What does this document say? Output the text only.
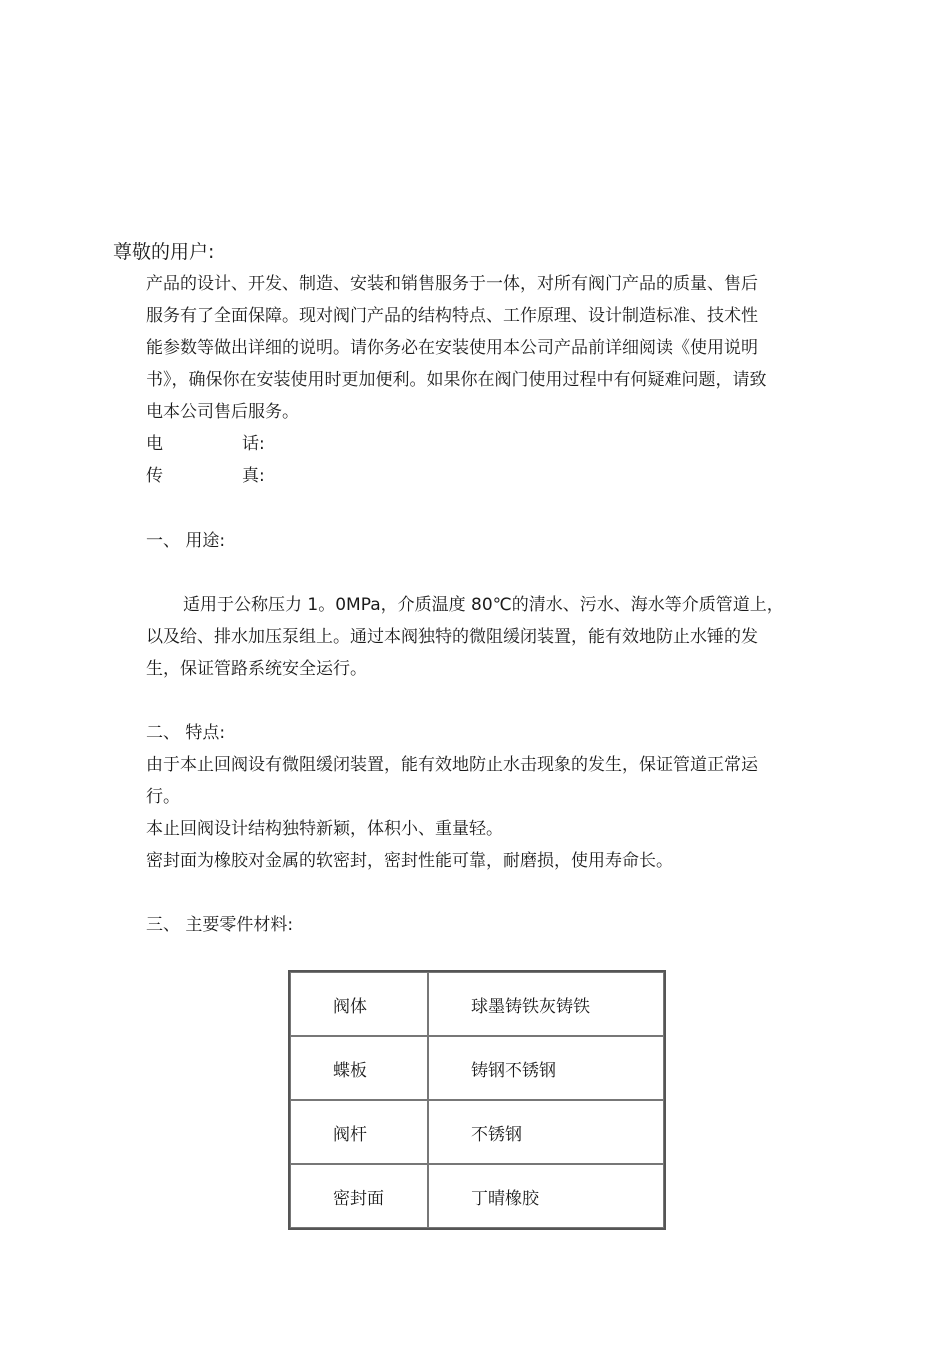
尊敬的用户:
产品的设计、开发、制造、安装和销售服务于一体，对所有阀门产品的质量、售后
服务有了全面保障。现对阀门产品的结构特点、工作原理、设计制造标准、技术性
能参数等做出详细的说明。请你务必在安装使用本公司产品前详细阅读《使用说明
书》，确保你在安装使用时更加便利。如果你在阀门使用过程中有何疑难问题，请致
电本公司售后服务。
电	话:
传	真:
一、 用途:
适用于公称压力 1。0MPa，介质温度 80℃的清水、污水、海水等介质管道上，
以及给、排水加压泵组上。通过本阀独特的微阻缓闭装置，能有效地防止水锤的发
生，保证管路系统安全运行。
二、 特点:
由于本止回阀设有微阻缓闭装置，能有效地防止水击现象的发生，保证管道正常运
行。
本止回阀设计结构独特新颖，体积小、重量轻。
密封面为橡胶对金属的软密封，密封性能可靠，耐磨损，使用寿命长。
三、 主要零件材料:
阀体	球墨铸铁灰铸铁
蝶板	铸钢不锈钢
阀杆	不锈钢
密封面	丁晴橡胶
